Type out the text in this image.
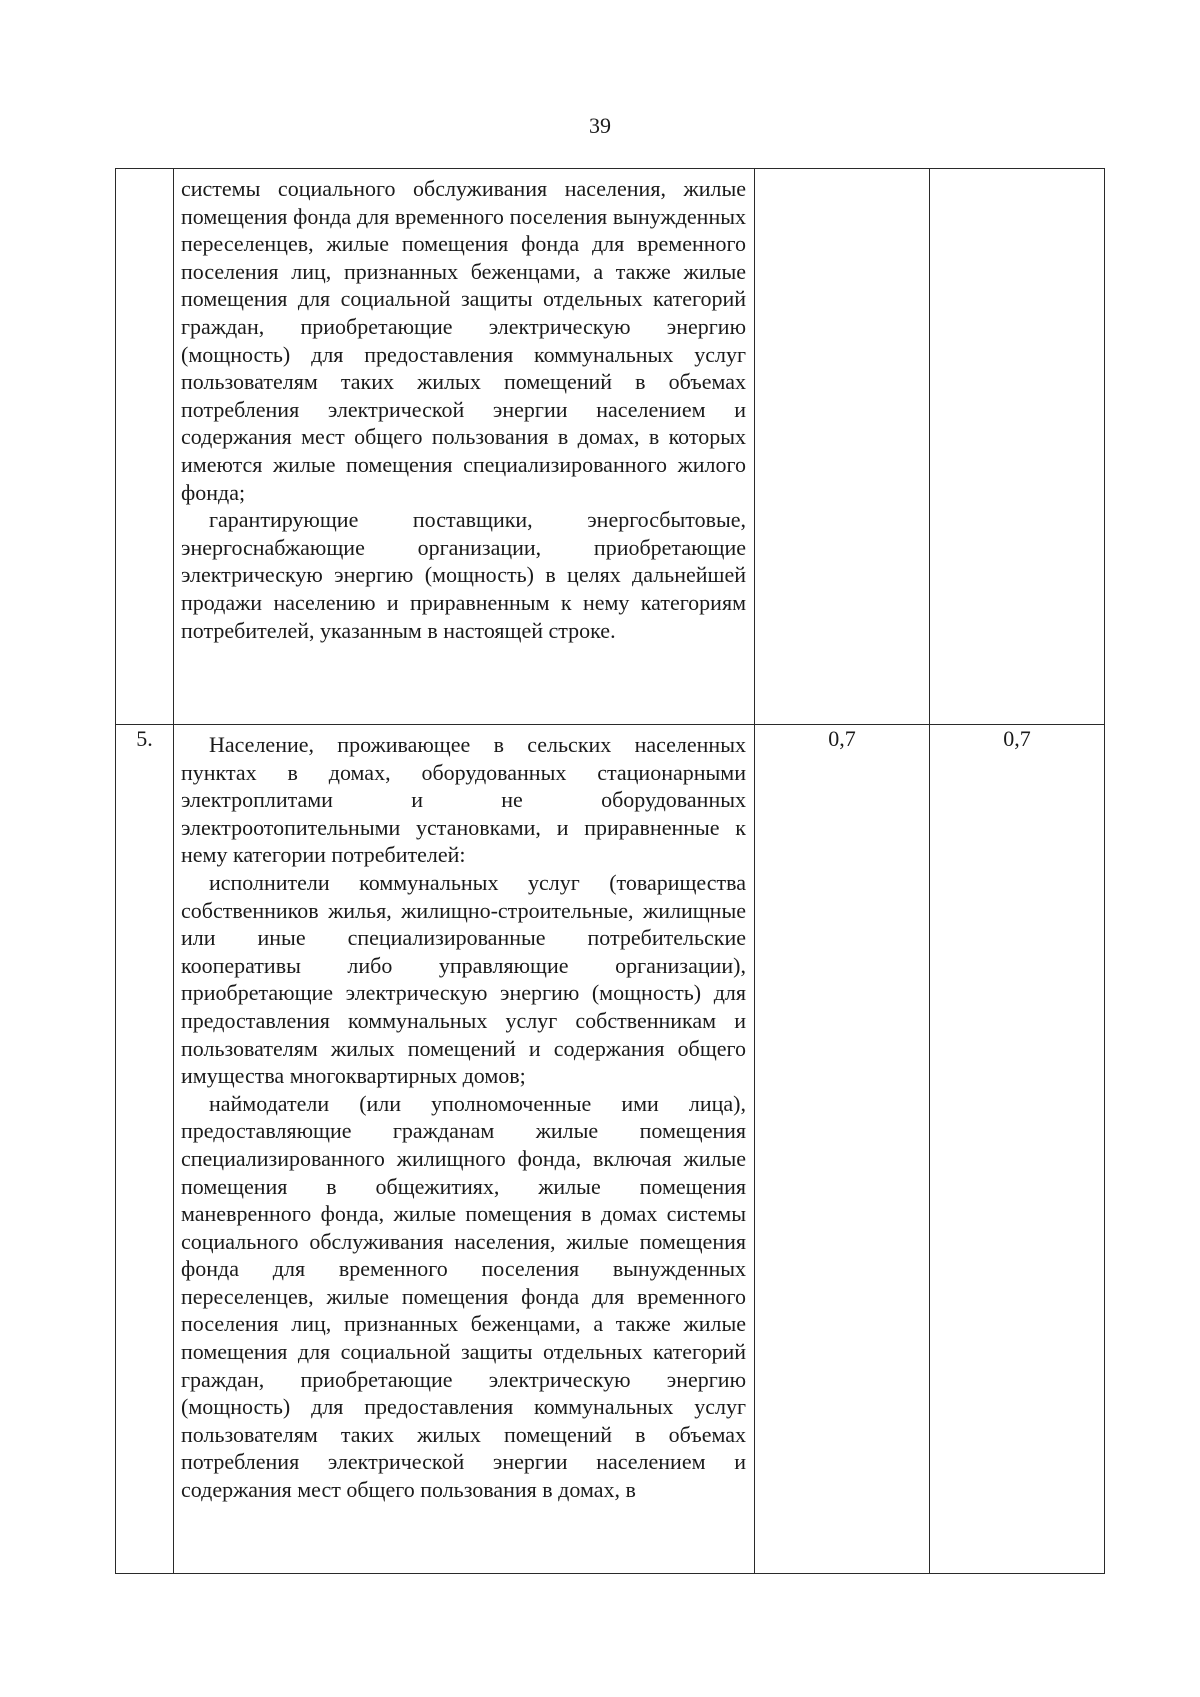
39

	системы социального обслуживания населения, жилые помещения фонда для временного поселения вынужденных переселенцев, жилые помещения фонда для временного поселения лиц, признанных беженцами, а также жилые помещения для социальной защиты отдельных категорий граждан, приобретающие электрическую энергию (мощность) для предоставления коммунальных услуг пользователям таких жилых помещений в объемах потребления электрической энергии населением и содержания мест общего пользования в домах, в которых имеются жилые помещения специализированного жилого фонда;

гарантирующие поставщики, энергосбытовые, энергоснабжающие организации, приобретающие электрическую энергию (мощность) в целях дальнейшей продажи населению и приравненным к нему категориям потребителей, указанным в настоящей строке.		

5.	Население, проживающее в сельских населенных пунктах в домах, оборудованных стационарными электроплитами и не оборудованных электроотопительными установками, и приравненные к нему категории потребителей:

исполнители коммунальных услуг (товарищества собственников жилья, жилищно-строительные, жилищные или иные специализированные потребительские кооперативы либо управляющие организации), приобретающие электрическую энергию (мощность) для предоставления коммунальных услуг собственникам и пользователям жилых помещений и содержания общего имущества многоквартирных домов;

наймодатели (или уполномоченные ими лица), предоставляющие гражданам жилые помещения специализированного жилищного фонда, включая жилые помещения в общежитиях, жилые помещения маневренного фонда, жилые помещения в домах системы социального обслуживания населения, жилые помещения фонда для временного поселения вынужденных переселенцев, жилые помещения фонда для временного поселения лиц, признанных беженцами, а также жилые помещения для социальной защиты отдельных категорий граждан, приобретающие электрическую энергию (мощность) для предоставления коммунальных услуг пользователям таких жилых помещений в объемах потребления электрической энергии населением и содержания мест общего пользования в домах, в	0,7	0,7
